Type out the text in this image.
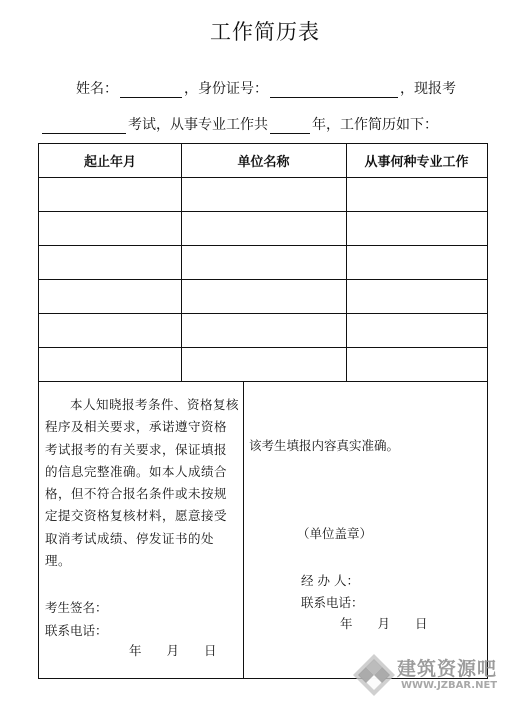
工作简历表
姓名：	，身份证号：	，现报考
考试，从事专业工作共	年，工作简历如下：
起止年月	单位名称	从事何种专业工作
本人知晓报考条件、资格复核程序及相关要求，承诺遵守资格考试报考的有关要求，保证填报的信息完整准确。如本人成绩合格，但不符合报名条件或未按规定提交资格复核材料，愿意接受取消考试成绩、停发证书的处理。
考生签名：
联系电话：
年　　月　　日
该考生填报内容真实准确。
（单位盖章）
经 办 人：
联系电话：
年　　月　　日
建筑资源吧
WWW.JZBAR.NET
